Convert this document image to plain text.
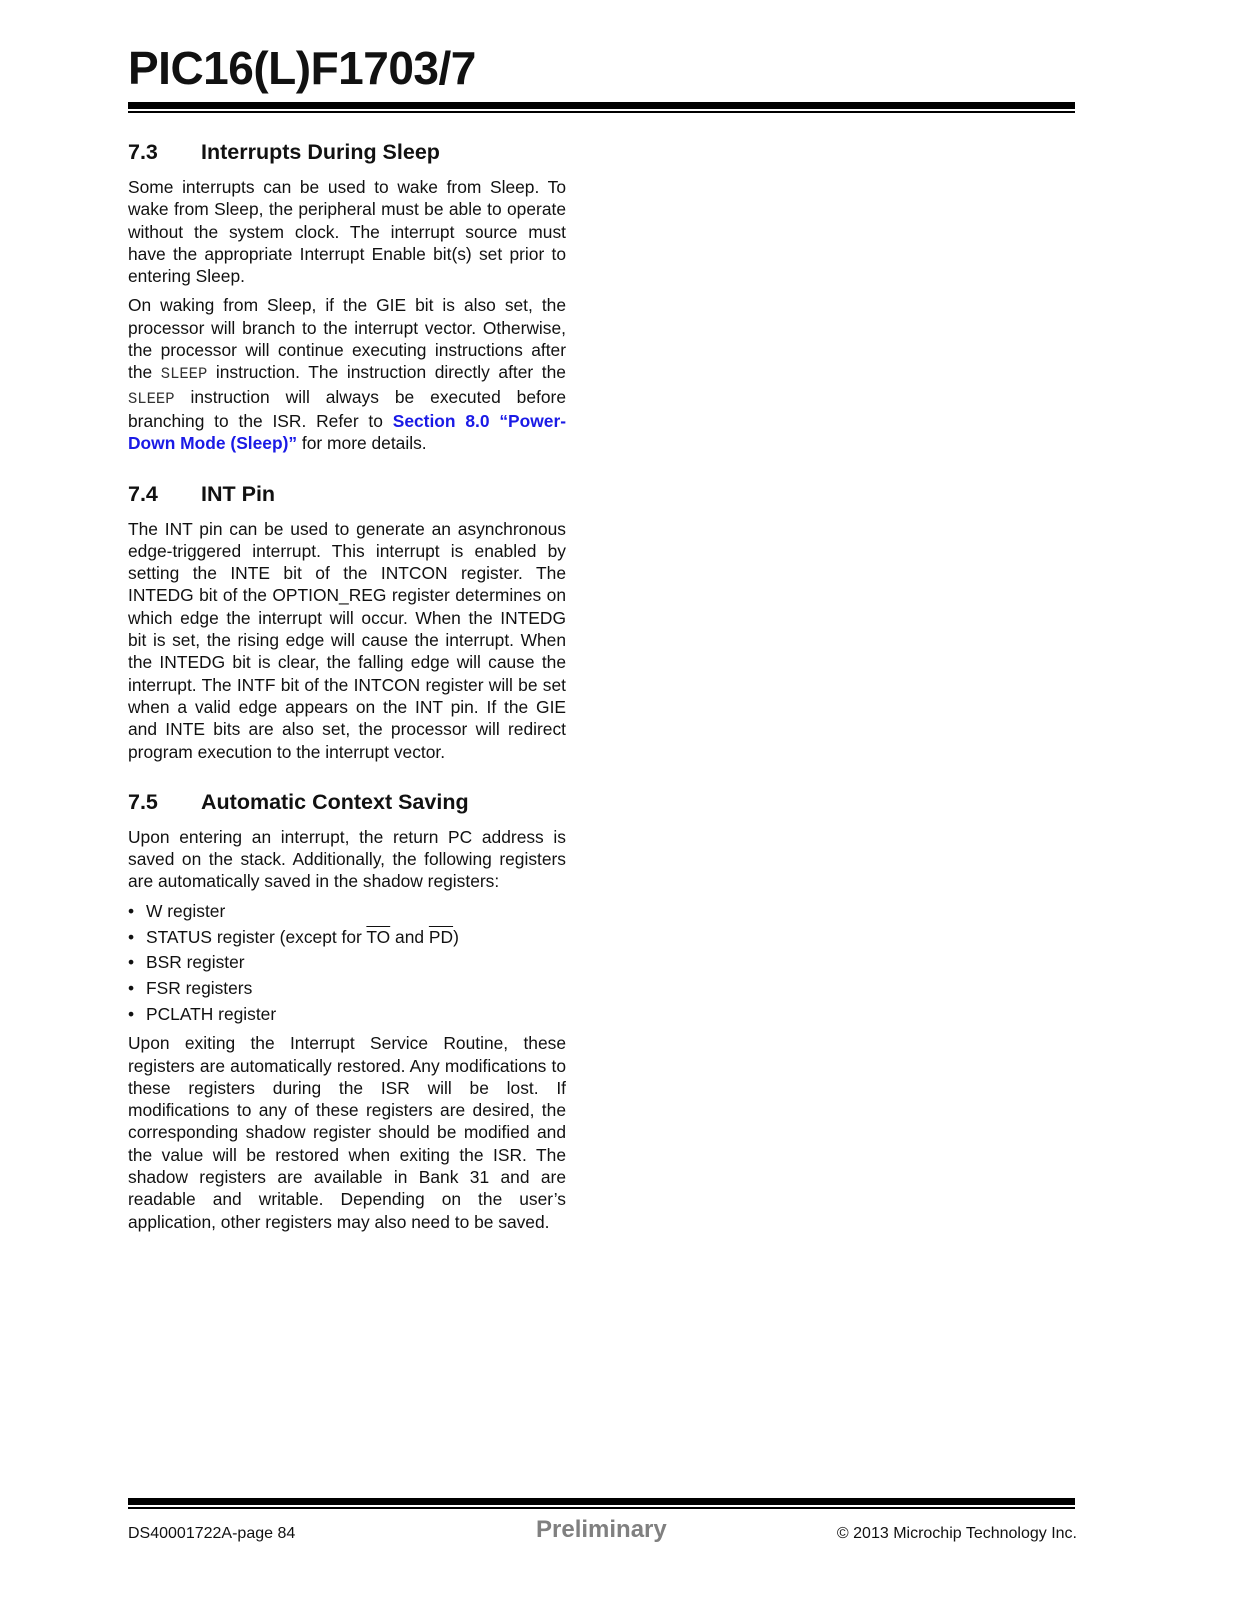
PIC16(L)F1703/7
7.3	Interrupts During Sleep

Some interrupts can be used to wake from Sleep. To wake from Sleep, the peripheral must be able to operate without the system clock. The interrupt source must have the appropriate Interrupt Enable bit(s) set prior to entering Sleep.

On waking from Sleep, if the GIE bit is also set, the processor will branch to the interrupt vector. Otherwise, the processor will continue executing instructions after the SLEEP instruction. The instruction directly after the SLEEP instruction will always be executed before branching to the ISR. Refer to Section 8.0 “Power-Down Mode (Sleep)” for more details.

7.4	INT Pin

The INT pin can be used to generate an asynchronous edge-triggered interrupt. This interrupt is enabled by setting the INTE bit of the INTCON register. The INTEDG bit of the OPTION_REG register determines on which edge the interrupt will occur. When the INTEDG bit is set, the rising edge will cause the interrupt. When the INTEDG bit is clear, the falling edge will cause the interrupt. The INTF bit of the INTCON register will be set when a valid edge appears on the INT pin. If the GIE and INTE bits are also set, the processor will redirect program execution to the interrupt vector.

7.5	Automatic Context Saving

Upon entering an interrupt, the return PC address is saved on the stack. Additionally, the following registers are automatically saved in the shadow registers:

• W register
• STATUS register (except for $\overline{TO}$ and $\overline{PD}$)
• BSR register
• FSR registers
• PCLATH register

Upon exiting the Interrupt Service Routine, these registers are automatically restored. Any modifications to these registers during the ISR will be lost. If modifications to any of these registers are desired, the corresponding shadow register should be modified and the value will be restored when exiting the ISR. The shadow registers are available in Bank 31 and are readable and writable. Depending on the user’s application, other registers may also need to be saved.

DS40001722A-page 84	Preliminary	© 2013 Microchip Technology Inc.
